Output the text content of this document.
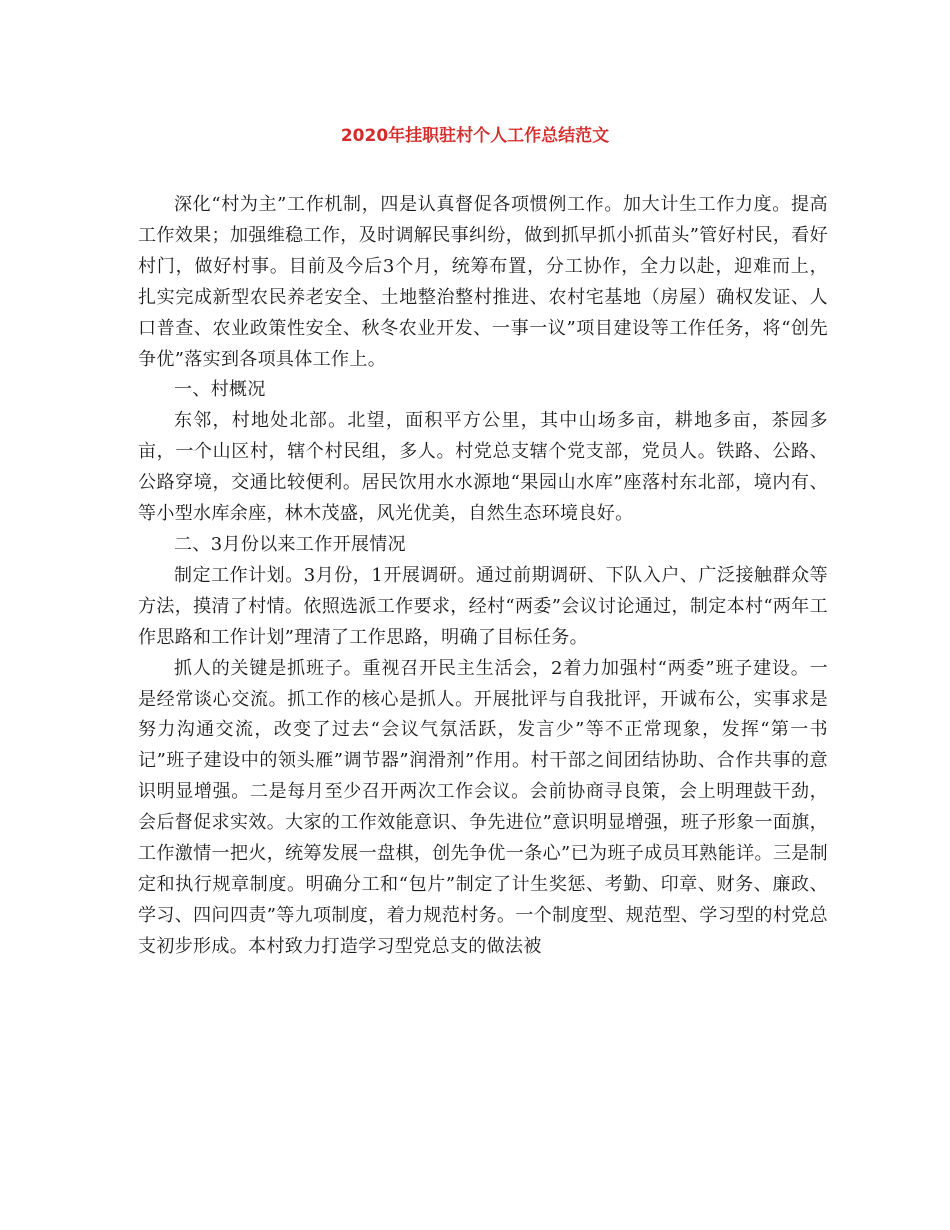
2020年挂职驻村个人工作总结范文

深化“村为主”工作机制，四是认真督促各项惯例工作。加大计生工作力度。提高工作效果；加强维稳工作，及时调解民事纠纷，做到抓早抓小抓苗头”管好村民，看好村门，做好村事。目前及今后3个月，统筹布置，分工协作，全力以赴，迎难而上，扎实完成新型农民养老安全、土地整治整村推进、农村宅基地（房屋）确权发证、人口普查、农业政策性安全、秋冬农业开发、一事一议”项目建设等工作任务，将“创先争优”落实到各项具体工作上。

一、村概况

东邻，村地处北部。北望，面积平方公里，其中山场多亩，耕地多亩，茶园多亩，一个山区村，辖个村民组，多人。村党总支辖个党支部，党员人。铁路、公路、公路穿境，交通比较便利。居民饮用水水源地“果园山水库”座落村东北部，境内有、等小型水库余座，林木茂盛，风光优美，自然生态环境良好。

二、3月份以来工作开展情况

制定工作计划。3月份，1开展调研。通过前期调研、下队入户、广泛接触群众等方法，摸清了村情。依照选派工作要求，经村“两委”会议讨论通过，制定本村“两年工作思路和工作计划”理清了工作思路，明确了目标任务。

抓人的关键是抓班子。重视召开民主生活会，2着力加强村“两委”班子建设。一是经常谈心交流。抓工作的核心是抓人。开展批评与自我批评，开诚布公，实事求是努力沟通交流，改变了过去“会议气氛活跃，发言少”等不正常现象，发挥“第一书记”班子建设中的领头雁”调节器”润滑剂”作用。村干部之间团结协助、合作共事的意识明显增强。二是每月至少召开两次工作会议。会前协商寻良策，会上明理鼓干劲，会后督促求实效。大家的工作效能意识、争先进位”意识明显增强，班子形象一面旗，工作激情一把火，统筹发展一盘棋，创先争优一条心”已为班子成员耳熟能详。三是制定和执行规章制度。明确分工和“包片”制定了计生奖惩、考勤、印章、财务、廉政、学习、四问四责”等九项制度，着力规范村务。一个制度型、规范型、学习型的村党总支初步形成。本村致力打造学习型党总支的做法被
